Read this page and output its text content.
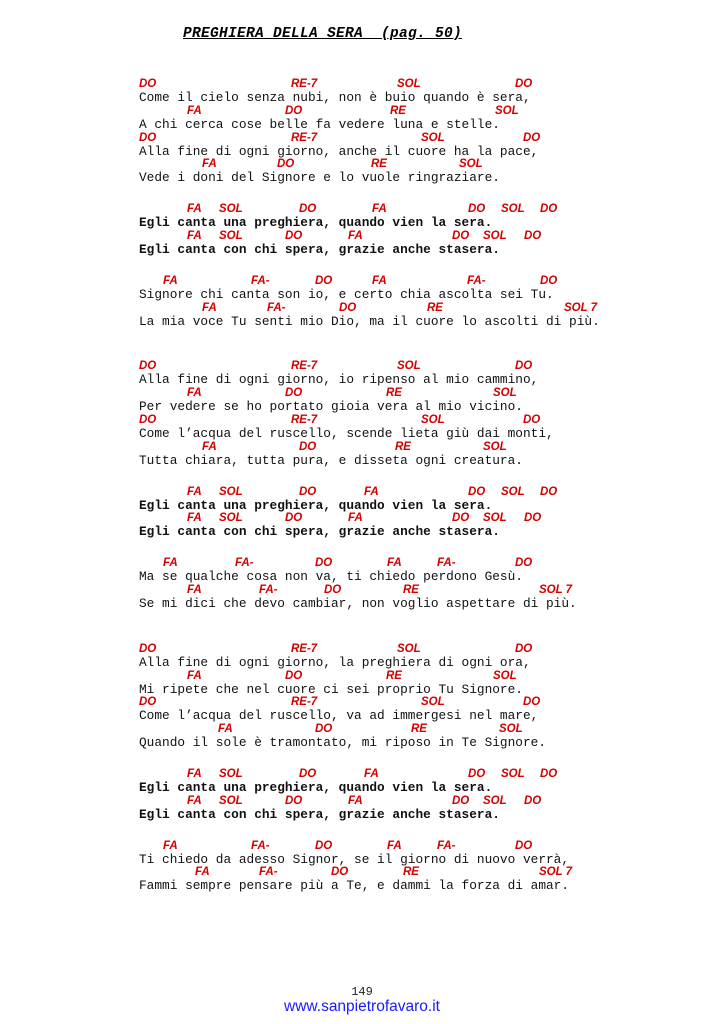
PREGHIERA DELLA SERA  (pag. 50)
DO	RE-7	SOL	DO
Come il cielo senza nubi, non è buio quando è sera,
FA	DO	RE	SOL
A chi cerca cose belle fa vedere luna e stelle.
DO	RE-7	SOL	DO
Alla fine di ogni giorno, anche il cuore ha la pace,
FA	DO	RE	SOL
Vede i doni del Signore e lo vuole ringraziare.
FA SOL	DO	FA	DO SOL DO
Egli canta una preghiera, quando vien la sera.
FA SOL	DO	FA	DO SOL DO
Egli canta con chi spera, grazie anche stasera.
FA	FA-	DO	FA	FA-	DO
Signore chi canta son io, e certo chia ascolta sei Tu.
FA	FA-	DO	RE	SOL 7
La mia voce Tu senti mio Dio, ma il cuore lo ascolti di più.
DO	RE-7	SOL	DO
Alla fine di ogni giorno, io ripenso al mio cammino,
FA	DO	RE	SOL
Per vedere se ho portato gioia vera al mio vicino.
DO	RE-7	SOL	DO
Come l’acqua del ruscello, scende lieta giù dai monti,
FA	DO	RE	SOL
Tutta chiara, tutta pura, e disseta ogni creatura.
FA SOL	DO	FA	DO SOL DO
Egli canta una preghiera, quando vien la sera.
FA SOL	DO	FA	DO SOL DO
Egli canta con chi spera, grazie anche stasera.
FA	FA-	DO	FA	FA-	DO
Ma se qualche cosa non va, ti chiedo perdono Gesù.
FA	FA-	DO	RE	SOL 7
Se mi dici che devo cambiar, non voglio aspettare di più.
DO	RE-7	SOL	DO
Alla fine di ogni giorno, la preghiera di ogni ora,
FA	DO	RE	SOL
Mi ripete che nel cuore ci sei proprio Tu Signore.
DO	RE-7	SOL	DO
Come l’acqua del ruscello, va ad immergesi nel mare,
FA	DO	RE	SOL
Quando il sole è tramontato, mi riposo in Te Signore.
FA SOL	DO	FA	DO SOL DO
Egli canta una preghiera, quando vien la sera.
FA SOL	DO	FA	DO SOL DO
Egli canta con chi spera, grazie anche stasera.
FA	FA-	DO	FA	FA-	DO
Ti chiedo da adesso Signor, se il giorno di nuovo verrà,
FA	FA-	DO	RE	SOL 7
Fammi sempre pensare più a Te, e dammi la forza di amar.
149
www.sanpietrofavaro.it
